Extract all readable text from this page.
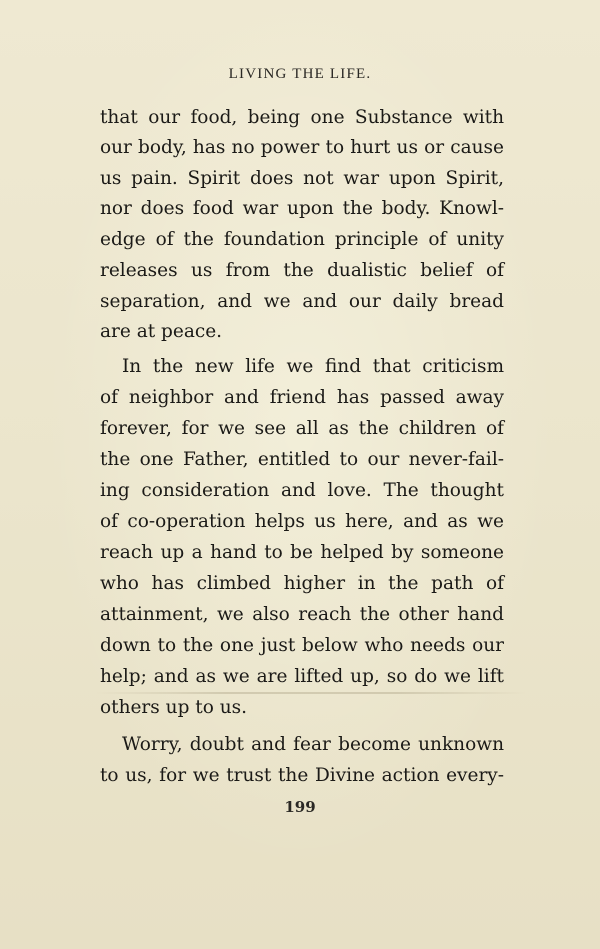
LIVING THE LIFE.
that our food, being one Substance with
our body, has no power to hurt us or cause
us pain. Spirit does not war upon Spirit,
nor does food war upon the body. Knowl-
edge of the foundation principle of unity
releases us from the dualistic belief of
separation, and we and our daily bread
are at peace.
In the new life we find that criticism
of neighbor and friend has passed away
forever, for we see all as the children of
the one Father, entitled to our never-fail-
ing consideration and love. The thought
of co-operation helps us here, and as we
reach up a hand to be helped by someone
who has climbed higher in the path of
attainment, we also reach the other hand
down to the one just below who needs our
help; and as we are lifted up, so do we lift
others up to us.
Worry, doubt and fear become unknown
to us, for we trust the Divine action every-
199
